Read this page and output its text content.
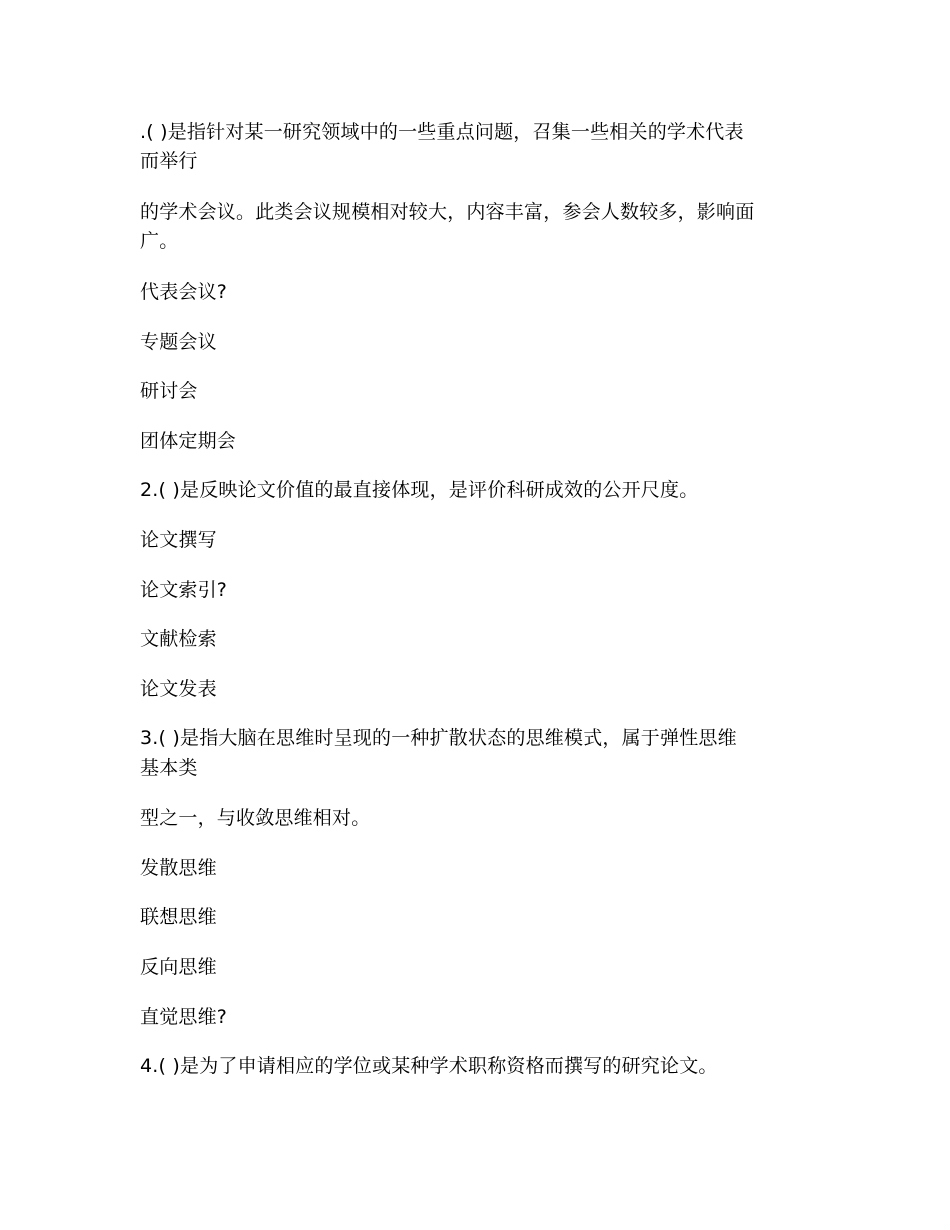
.( )是指针对某一研究领域中的一些重点问题，召集一些相关的学术代表
而举行
的学术会议。此类会议规模相对较大，内容丰富，参会人数较多，影响面
广。
代表会议?
专题会议
研讨会
团体定期会
2.( )是反映论文价值的最直接体现，是评价科研成效的公开尺度。
论文撰写
论文索引?
文献检索
论文发表
3.( )是指大脑在思维时呈现的一种扩散状态的思维模式，属于弹性思维
基本类
型之一，与收敛思维相对。
发散思维
联想思维
反向思维
直觉思维?
4.( )是为了申请相应的学位或某种学术职称资格而撰写的研究论文。
